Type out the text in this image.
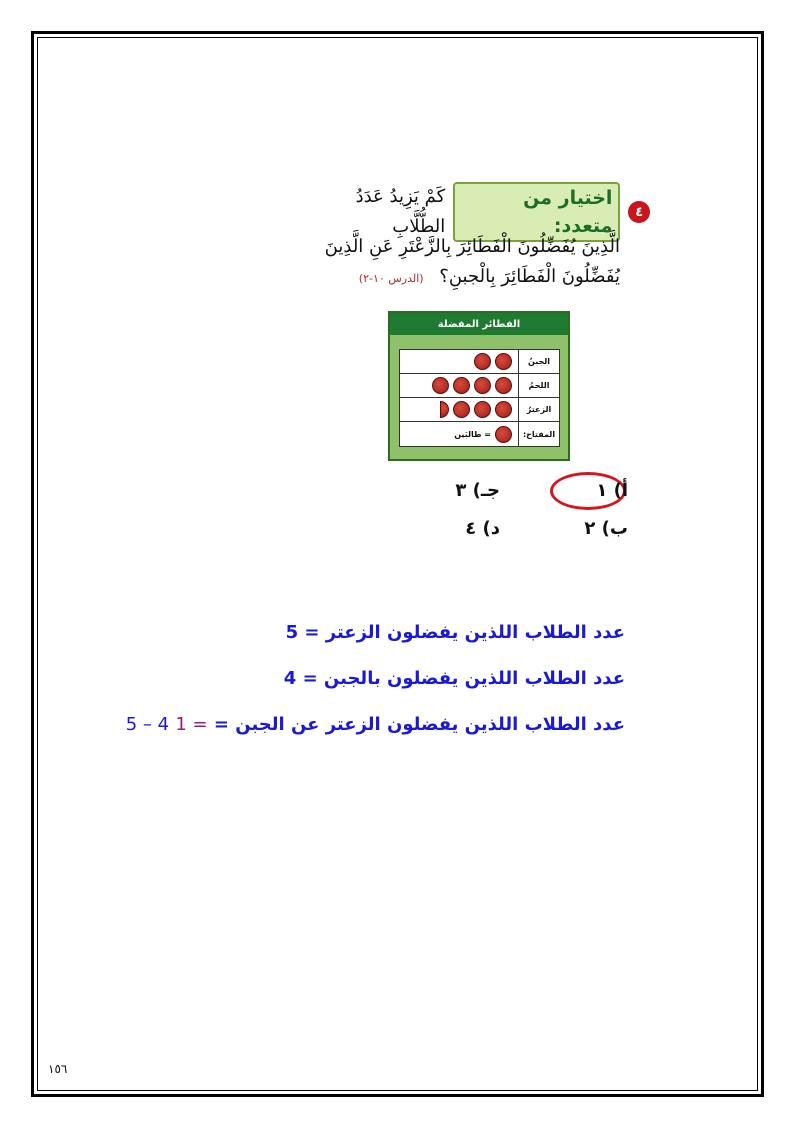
٤
اختيار من متعدد:
كَمْ يَزِيدُ عَدَدُ الطُّلَّابِ
الَّذِينَ يُفَضِّلُونَ الْفَطَائِرَ بِالزَّعْتَرِ عَنِ الَّذِينَ
يُفَضِّلُونَ الْفَطَائِرَ بِالْجبنِ؟ (الدرس ١٠-٢)
الفطائر المفضلة
الجبنُ
اللحمُ
الزعترُ
المفتاح:
= طالبَين
أ) ١
جـ) ٣
ب) ٢
د) ٤
عدد الطلاب اللذين يفضلون الزعتر = 5
عدد الطلاب اللذين يفضلون بالجبن = 4
عدد الطلاب اللذين يفضلون الزعتر عن الجبن = 5 – 4 1 =
١٥٦
